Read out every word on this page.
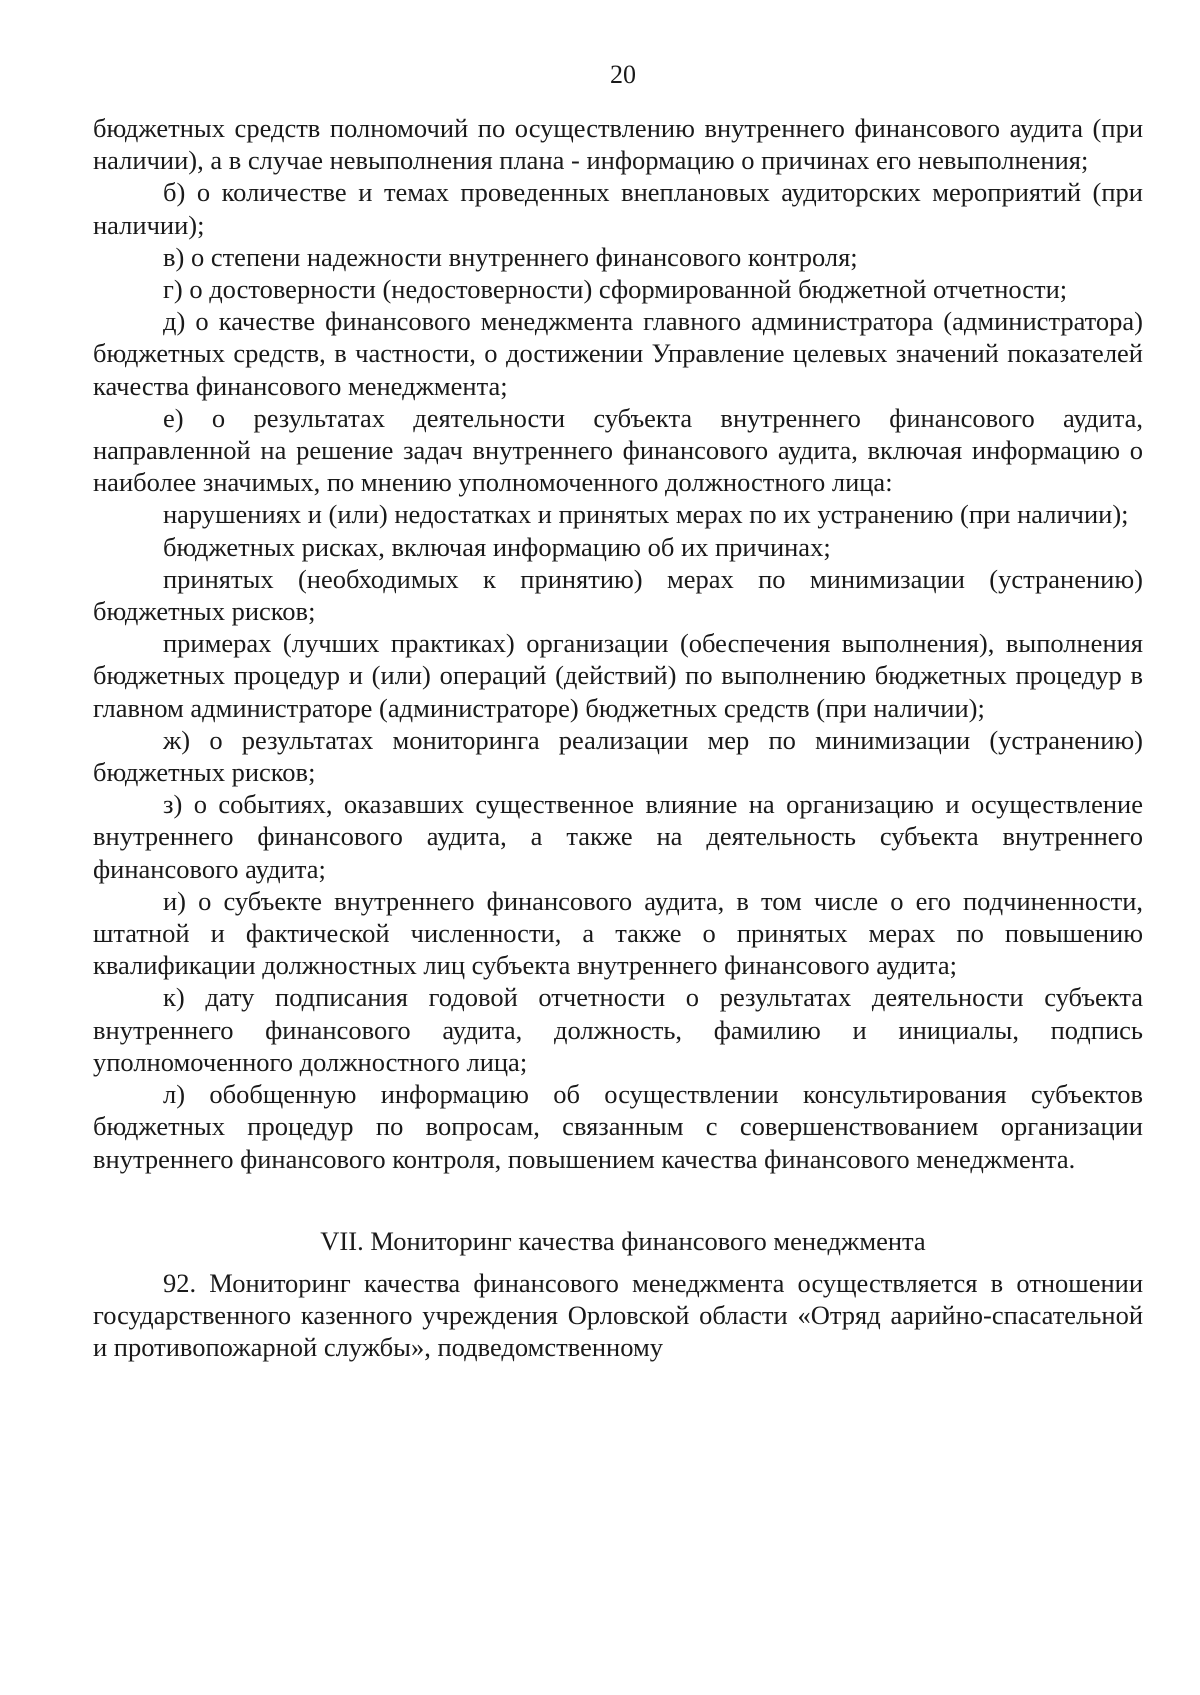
20

бюджетных средств полномочий по осуществлению внутреннего финансового аудита (при наличии), а в случае невыполнения плана - информацию о причинах его невыполнения;

б) о количестве и темах проведенных внеплановых аудиторских мероприятий (при наличии);

в) о степени надежности внутреннего финансового контроля;

г) о достоверности (недостоверности) сформированной бюджетной отчетности;

д) о качестве финансового менеджмента главного администратора (администратора) бюджетных средств, в частности, о достижении Управление целевых значений показателей качества финансового менеджмента;

е) о результатах деятельности субъекта внутреннего финансового аудита, направленной на решение задач внутреннего финансового аудита, включая информацию о наиболее значимых, по мнению уполномоченного должностного лица:

нарушениях и (или) недостатках и принятых мерах по их устранению (при наличии);

бюджетных рисках, включая информацию об их причинах;

принятых (необходимых к принятию) мерах по минимизации (устранению) бюджетных рисков;

примерах (лучших практиках) организации (обеспечения выполнения), выполнения бюджетных процедур и (или) операций (действий) по выполнению бюджетных процедур в главном администраторе (администраторе) бюджетных средств (при наличии);

ж) о результатах мониторинга реализации мер по минимизации (устранению) бюджетных рисков;

з) о событиях, оказавших существенное влияние на организацию и осуществление внутреннего финансового аудита, а также на деятельность субъекта внутреннего финансового аудита;

и) о субъекте внутреннего финансового аудита, в том числе о его подчиненности, штатной и фактической численности, а также о принятых мерах по повышению квалификации должностных лиц субъекта внутреннего финансового аудита;

к) дату подписания годовой отчетности о результатах деятельности субъекта внутреннего финансового аудита, должность, фамилию и инициалы, подпись уполномоченного должностного лица;

л) обобщенную информацию об осуществлении консультирования субъектов бюджетных процедур по вопросам, связанным с совершенствованием организации внутреннего финансового контроля, повышением качества финансового менеджмента.

VII. Мониторинг качества финансового менеджмента

92. Мониторинг качества финансового менеджмента осуществляется в отношении государственного казенного учреждения Орловской области «Отряд аарийно-спасательной и противопожарной службы», подведомственному
